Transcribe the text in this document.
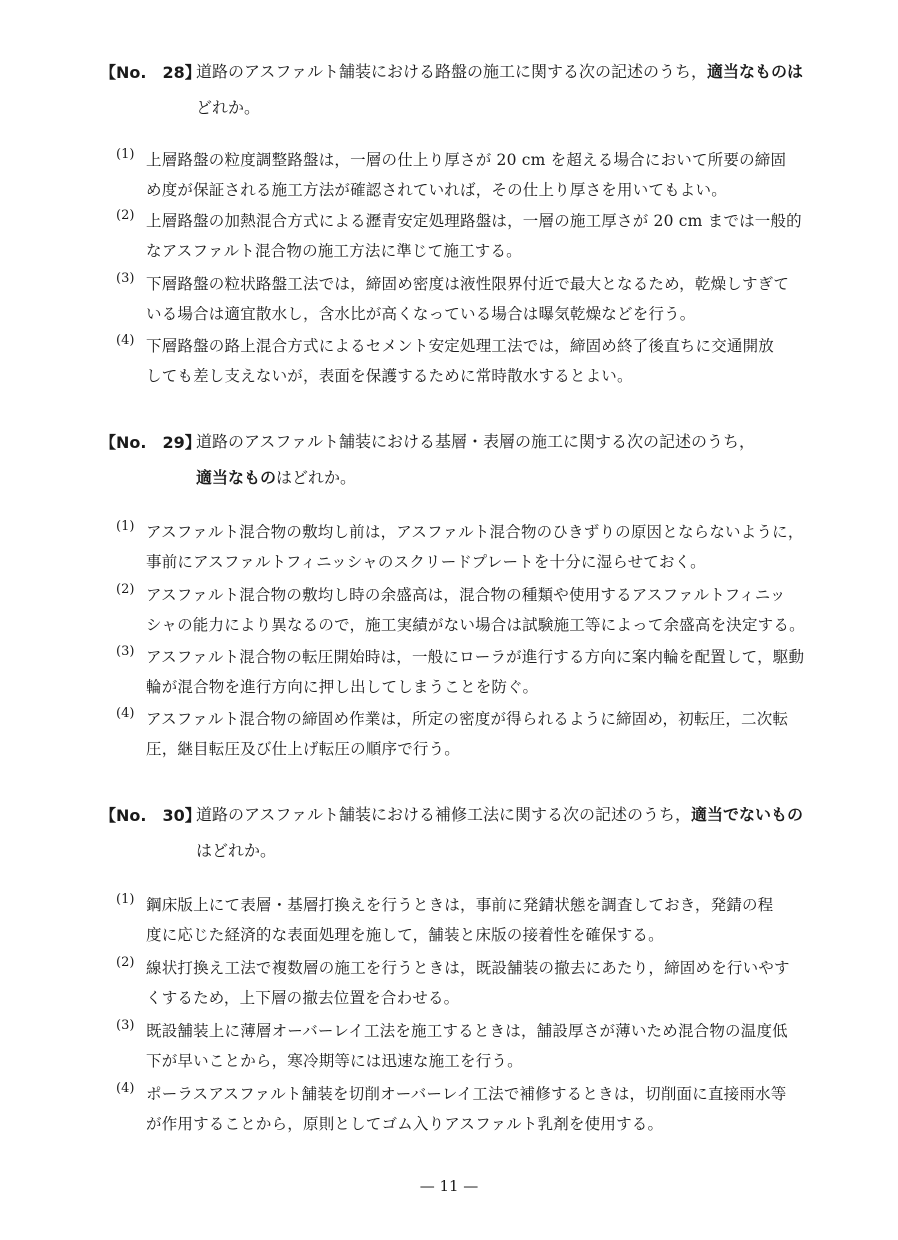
【No.　28】
道路のアスファルト舗装における路盤の施工に関する次の記述のうち，適当なものは
どれか。
(1) 上層路盤の粒度調整路盤は，一層の仕上り厚さが 20 cm を超える場合において所要の締固
め度が保証される施工方法が確認されていれば，その仕上り厚さを用いてもよい。
(2) 上層路盤の加熱混合方式による瀝青安定処理路盤は，一層の施工厚さが 20 cm までは一般的
なアスファルト混合物の施工方法に準じて施工する。
(3) 下層路盤の粒状路盤工法では，締固め密度は液性限界付近で最大となるため，乾燥しすぎて
いる場合は適宜散水し，含水比が高くなっている場合は曝気乾燥などを行う。
(4) 下層路盤の路上混合方式によるセメント安定処理工法では，締固め終了後直ちに交通開放
しても差し支えないが，表面を保護するために常時散水するとよい。
【No.　29】
道路のアスファルト舗装における基層・表層の施工に関する次の記述のうち，
適当なものはどれか。
(1) アスファルト混合物の敷均し前は，アスファルト混合物のひきずりの原因とならないように，
事前にアスファルトフィニッシャのスクリードプレートを十分に湿らせておく。
(2) アスファルト混合物の敷均し時の余盛高は，混合物の種類や使用するアスファルトフィニッ
シャの能力により異なるので，施工実績がない場合は試験施工等によって余盛高を決定する。
(3) アスファルト混合物の転圧開始時は，一般にローラが進行する方向に案内輪を配置して，駆動
輪が混合物を進行方向に押し出してしまうことを防ぐ。
(4) アスファルト混合物の締固め作業は，所定の密度が得られるように締固め，初転圧，二次転
圧，継目転圧及び仕上げ転圧の順序で行う。
【No.　30】
道路のアスファルト舗装における補修工法に関する次の記述のうち，適当でないもの
はどれか。
(1) 鋼床版上にて表層・基層打換えを行うときは，事前に発錆状態を調査しておき，発錆の程
度に応じた経済的な表面処理を施して，舗装と床版の接着性を確保する。
(2) 線状打換え工法で複数層の施工を行うときは，既設舗装の撤去にあたり，締固めを行いやす
くするため，上下層の撤去位置を合わせる。
(3) 既設舗装上に薄層オーバーレイ工法を施工するときは，舗設厚さが薄いため混合物の温度低
下が早いことから，寒冷期等には迅速な施工を行う。
(4) ポーラスアスファルト舗装を切削オーバーレイ工法で補修するときは，切削面に直接雨水等
が作用することから，原則としてゴム入りアスファルト乳剤を使用する。
— 11 —
